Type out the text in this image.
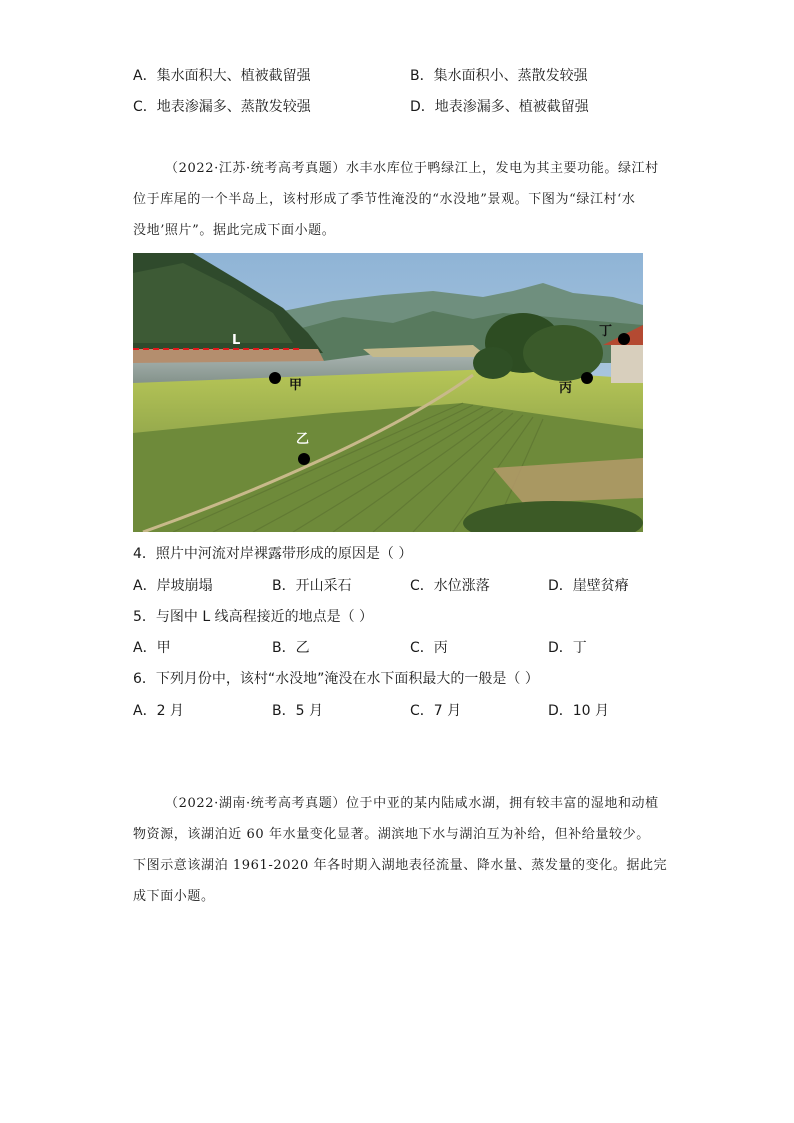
A．集水面积大、植被截留强	B．集水面积小、蒸散发较强
C．地表渗漏多、蒸散发较强	D．地表渗漏多、植被截留强
（2022·江苏·统考高考真题）水丰水库位于鸭绿江上，发电为其主要功能。绿江村
位于库尾的一个半岛上，该村形成了季节性淹没的“水没地”景观。下图为“绿江村‘水
没地’照片”。据此完成下面小题。
L
甲
乙
丙
丁
4．照片中河流对岸裸露带形成的原因是（ ）
A．岸坡崩塌	B．开山采石	C．水位涨落	D．崖壁贫瘠
5．与图中 L 线高程接近的地点是（ ）
A．甲	B．乙	C．丙	D．丁
6．下列月份中，该村“水没地”淹没在水下面积最大的一般是（ ）
A．2 月	B．5 月	C．7 月	D．10 月
（2022·湖南·统考高考真题）位于中亚的某内陆咸水湖，拥有较丰富的湿地和动植
物资源，该湖泊近 60 年水量变化显著。湖滨地下水与湖泊互为补给，但补给量较少。
下图示意该湖泊 1961-2020 年各时期入湖地表径流量、降水量、蒸发量的变化。据此完
成下面小题。
